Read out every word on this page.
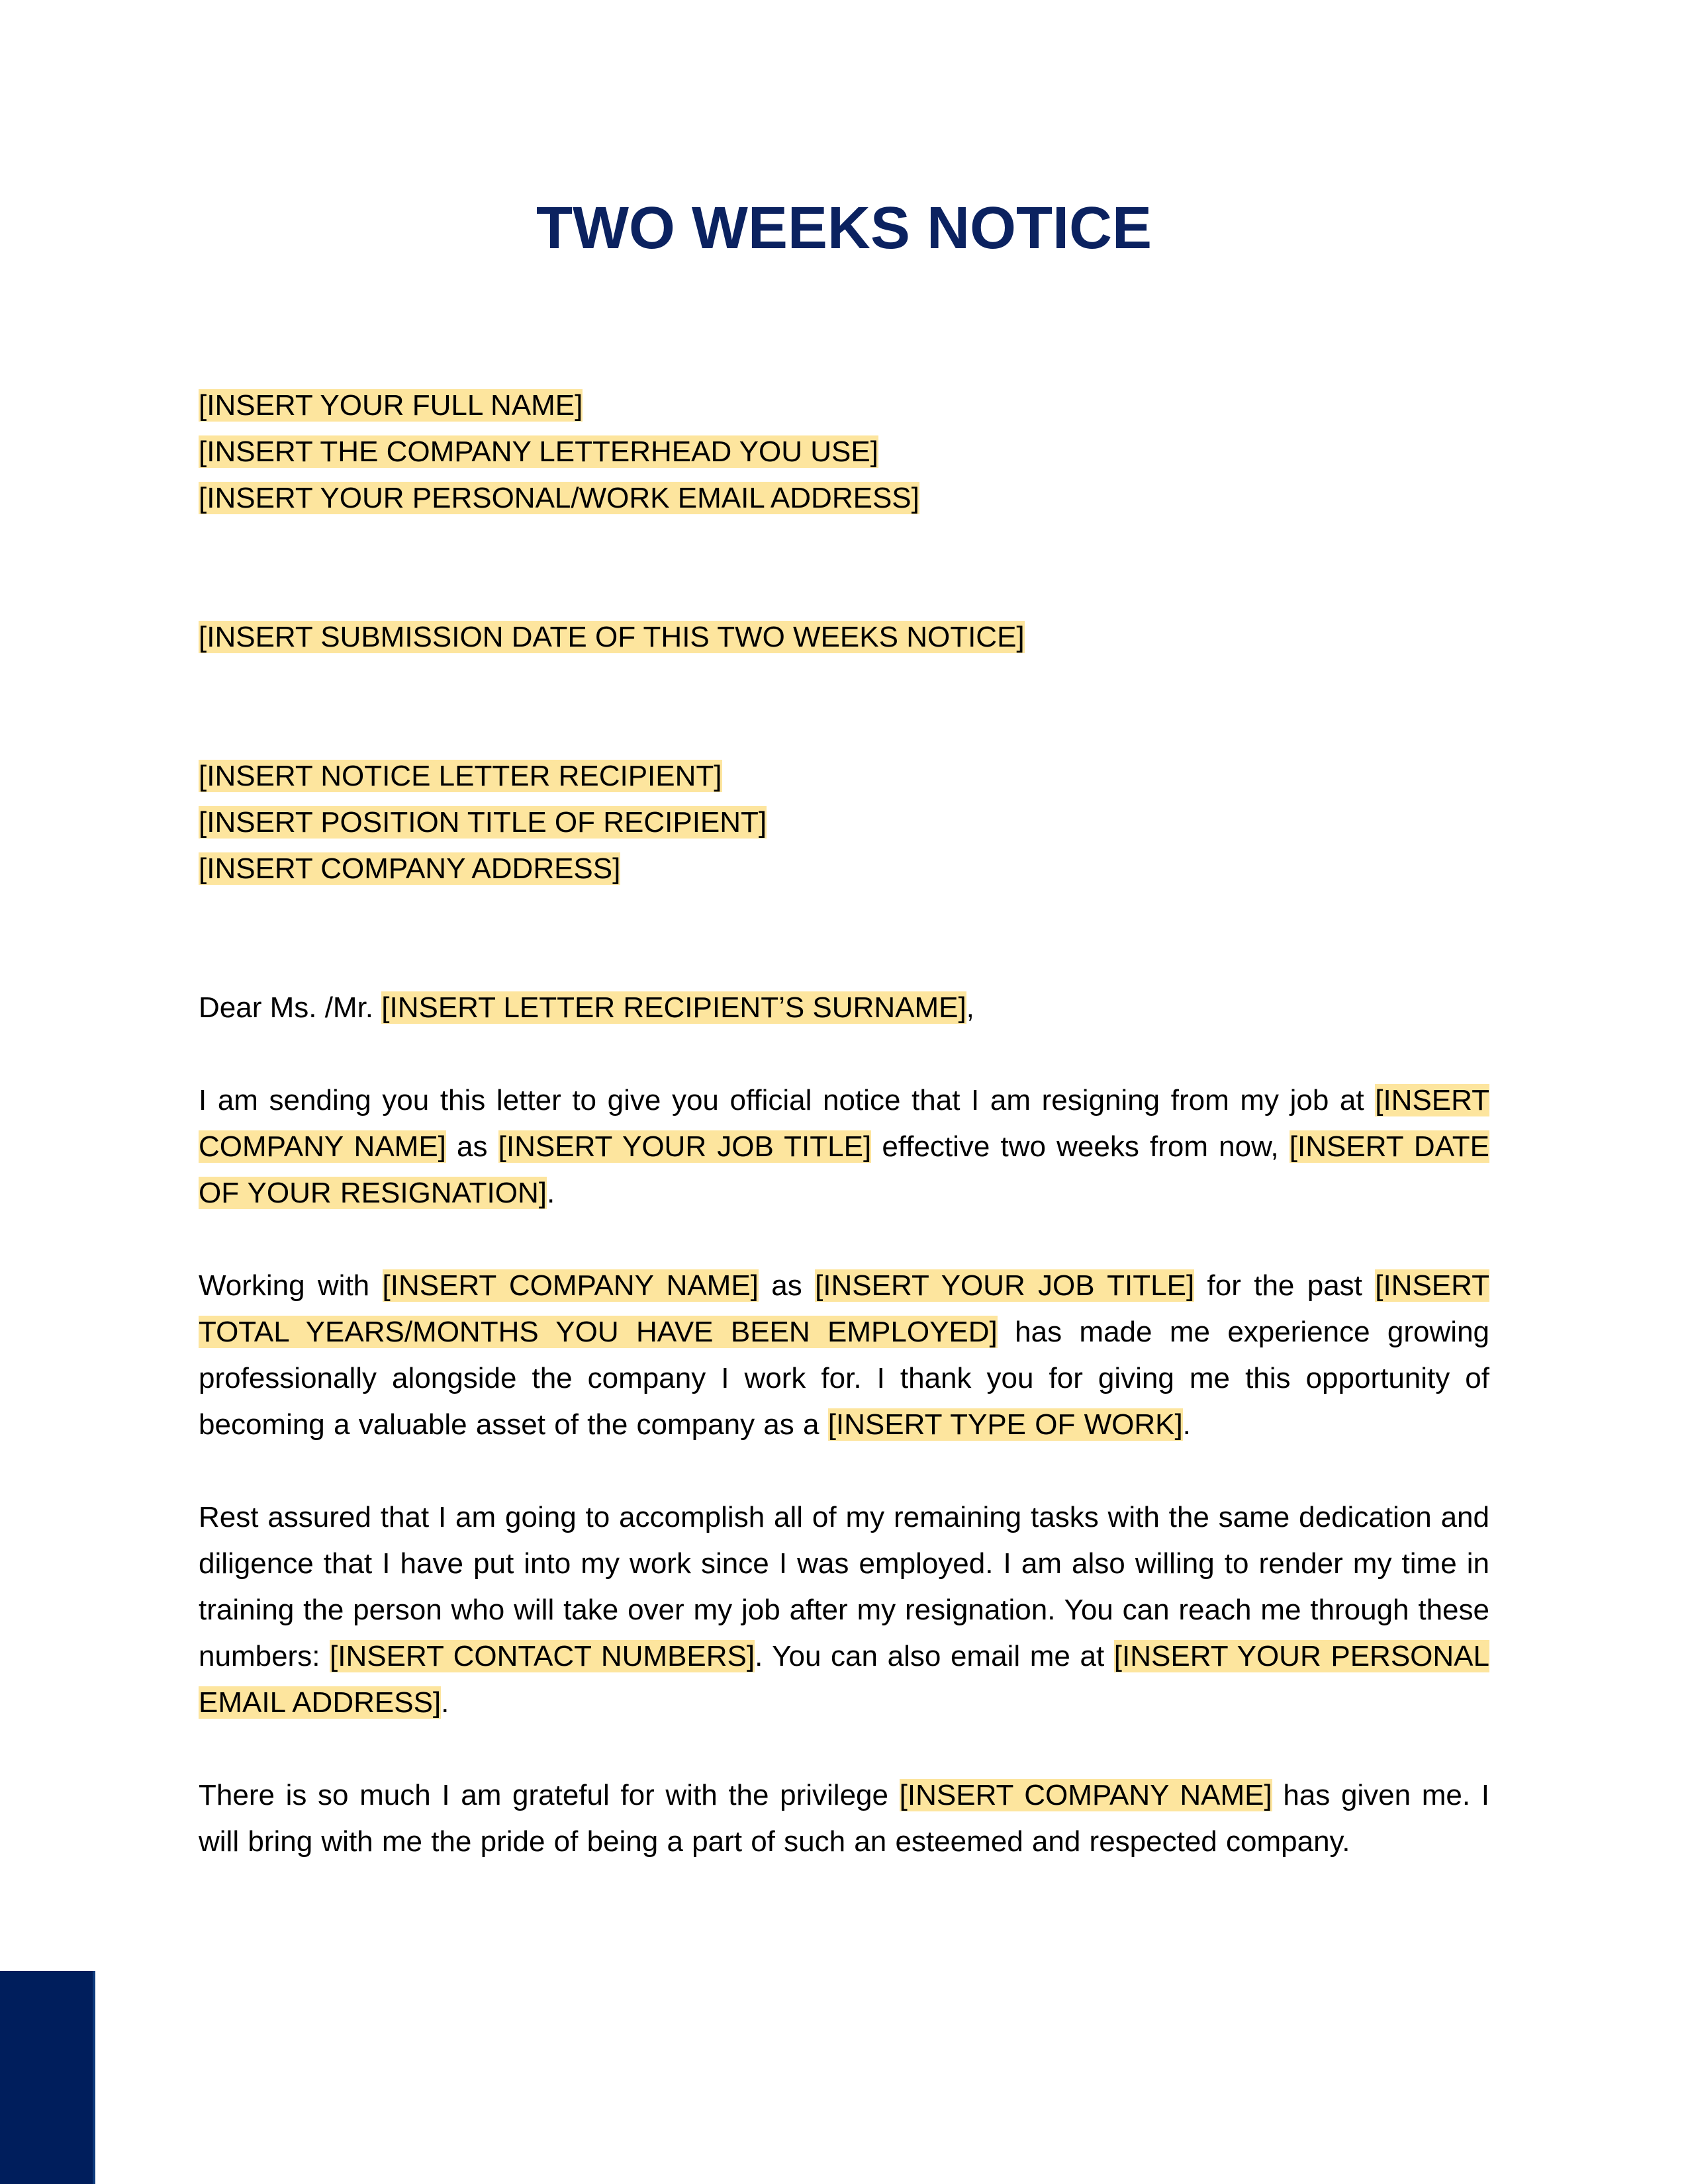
TWO WEEKS NOTICE
[INSERT YOUR FULL NAME]
[INSERT THE COMPANY LETTERHEAD YOU USE]
[INSERT YOUR PERSONAL/WORK EMAIL ADDRESS]
[INSERT SUBMISSION DATE OF THIS TWO WEEKS NOTICE]
[INSERT NOTICE LETTER RECIPIENT]
[INSERT POSITION TITLE OF RECIPIENT]
[INSERT COMPANY ADDRESS]
Dear Ms. /Mr. [INSERT LETTER RECIPIENT’S SURNAME],
I am sending you this letter to give you official notice that I am resigning from my job at [INSERT COMPANY NAME] as [INSERT YOUR JOB TITLE] effective two weeks from now, [INSERT DATE OF YOUR RESIGNATION].
Working with [INSERT COMPANY NAME] as [INSERT YOUR JOB TITLE] for the past [INSERT TOTAL YEARS/MONTHS YOU HAVE BEEN EMPLOYED] has made me experience growing professionally alongside the company I work for. I thank you for giving me this opportunity of becoming a valuable asset of the company as a [INSERT TYPE OF WORK].
Rest assured that I am going to accomplish all of my remaining tasks with the same dedication and diligence that I have put into my work since I was employed. I am also willing to render my time in training the person who will take over my job after my resignation. You can reach me through these numbers: [INSERT CONTACT NUMBERS]. You can also email me at [INSERT YOUR PERSONAL EMAIL ADDRESS].
There is so much I am grateful for with the privilege [INSERT COMPANY NAME] has given me. I will bring with me the pride of being a part of such an esteemed and respected company.
